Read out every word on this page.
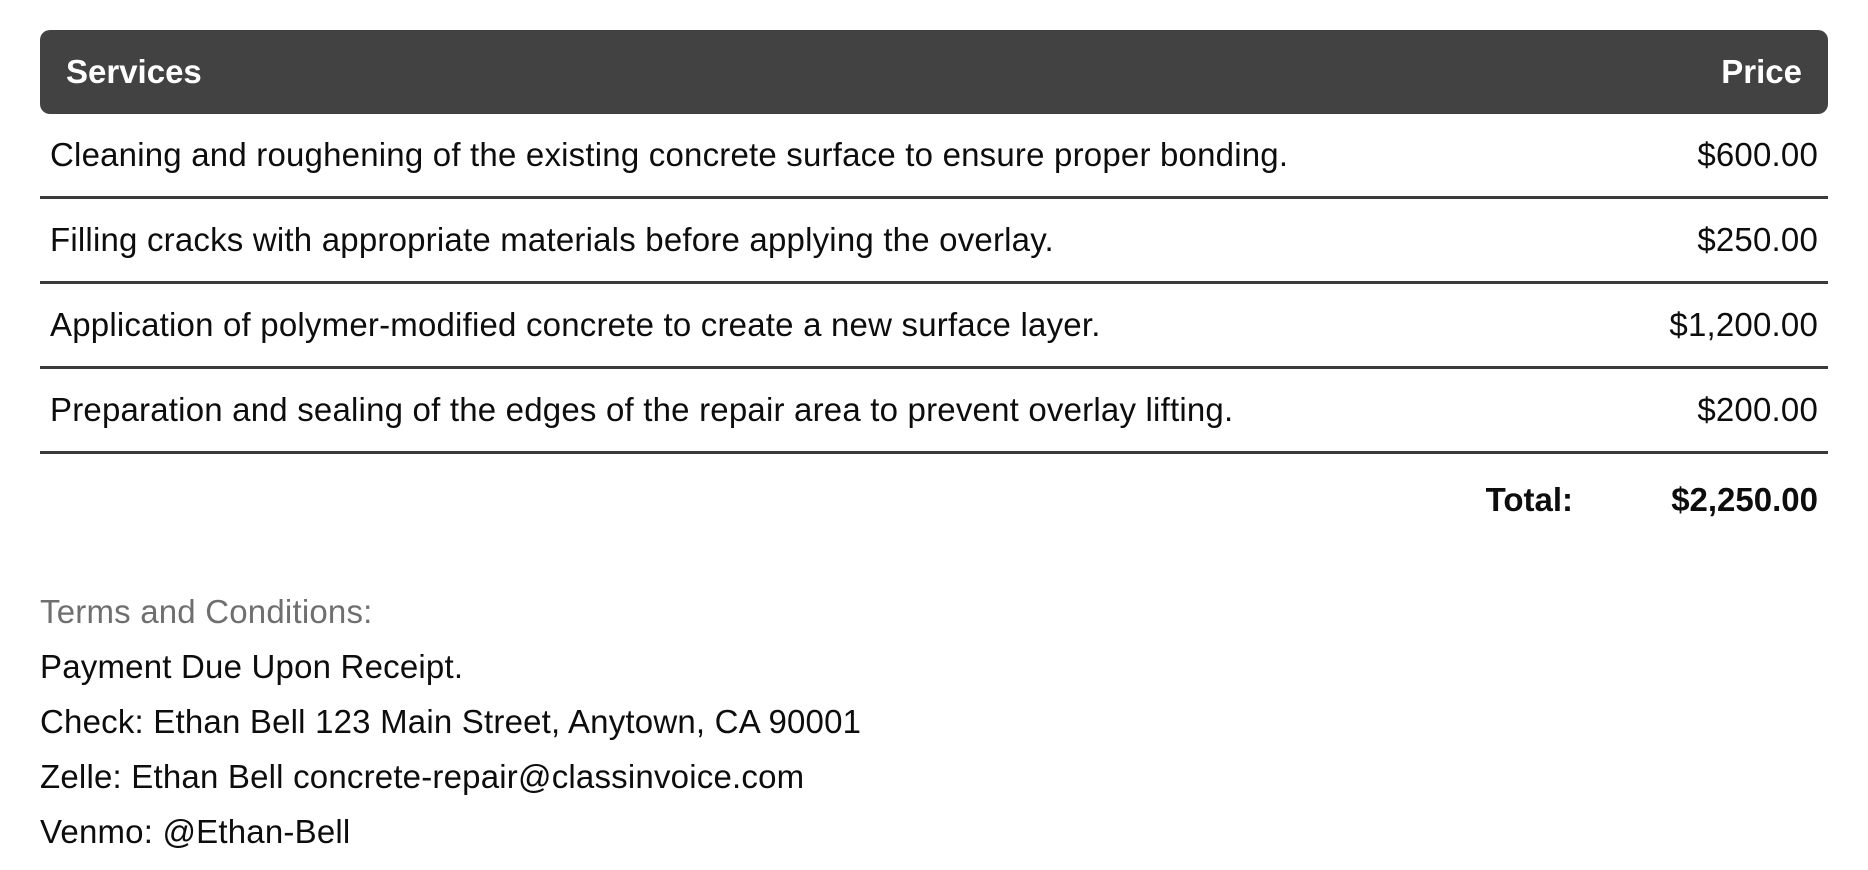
Services	Price
Cleaning and roughening of the existing concrete surface to ensure proper bonding.	$600.00
Filling cracks with appropriate materials before applying the overlay.	$250.00
Application of polymer-modified concrete to create a new surface layer.	$1,200.00
Preparation and sealing of the edges of the repair area to prevent overlay lifting.	$200.00
Total:	$2,250.00
Terms and Conditions:
Payment Due Upon Receipt.
Check: Ethan Bell 123 Main Street, Anytown, CA 90001
Zelle: Ethan Bell concrete-repair@classinvoice.com
Venmo: @Ethan-Bell
